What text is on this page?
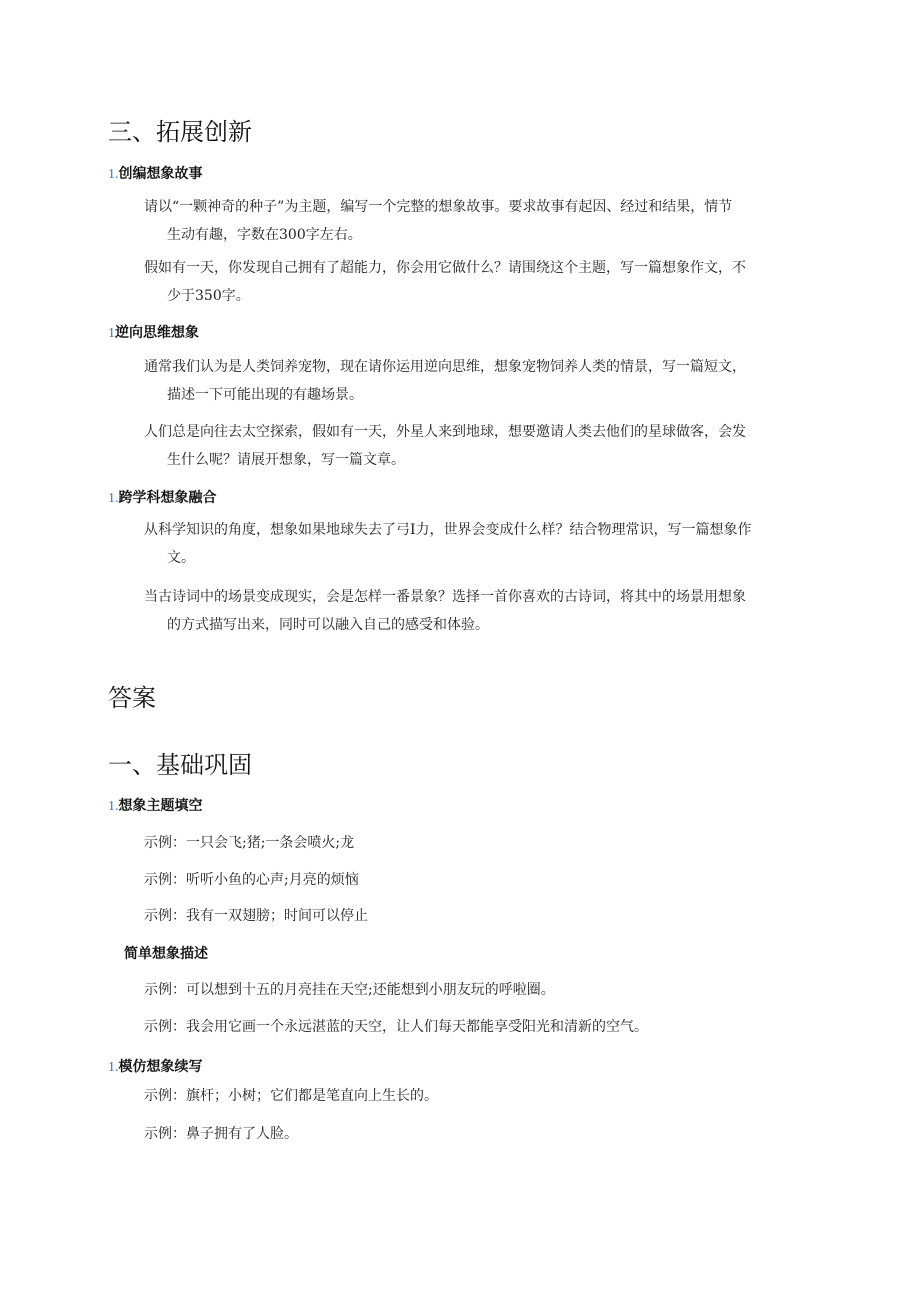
三、拓展创新
1.创编想象故事
请以“一颗神奇的种子”为主题，编写一个完整的想象故事。要求故事有起因、经过和结果，情节
生动有趣，字数在300字左右。
假如有一天，你发现自己拥有了超能力，你会用它做什么？请围绕这个主题，写一篇想象作文，不
少于350字。
1逆向思维想象
通常我们认为是人类饲养宠物，现在请你运用逆向思维，想象宠物饲养人类的情景，写一篇短文，
描述一下可能出现的有趣场景。
人们总是向往去太空探索，假如有一天，外星人来到地球，想要邀请人类去他们的星球做客，会发
生什么呢？请展开想象，写一篇文章。
1.跨学科想象融合
从科学知识的角度，想象如果地球失去了弓I力，世界会变成什么样？结合物理常识，写一篇想象作
文。
当古诗词中的场景变成现实，会是怎样一番景象？选择一首你喜欢的古诗词，将其中的场景用想象
的方式描写出来，同时可以融入自己的感受和体验。
答案
一、基础巩固
1.想象主题填空
示例：一只会飞;猪;一条会喷火;龙
示例：听听小鱼的心声;月亮的烦恼
示例：我有一双翅膀；时间可以停止
简单想象描述
示例：可以想到十五的月亮挂在天空;还能想到小朋友玩的呼啦圈。
示例：我会用它画一个永远湛蓝的天空，让人们每天都能享受阳光和清新的空气。
1.模仿想象续写
示例：旗杆；小树；它们都是笔直向上生长的。
示例：鼻子拥有了人脸。
